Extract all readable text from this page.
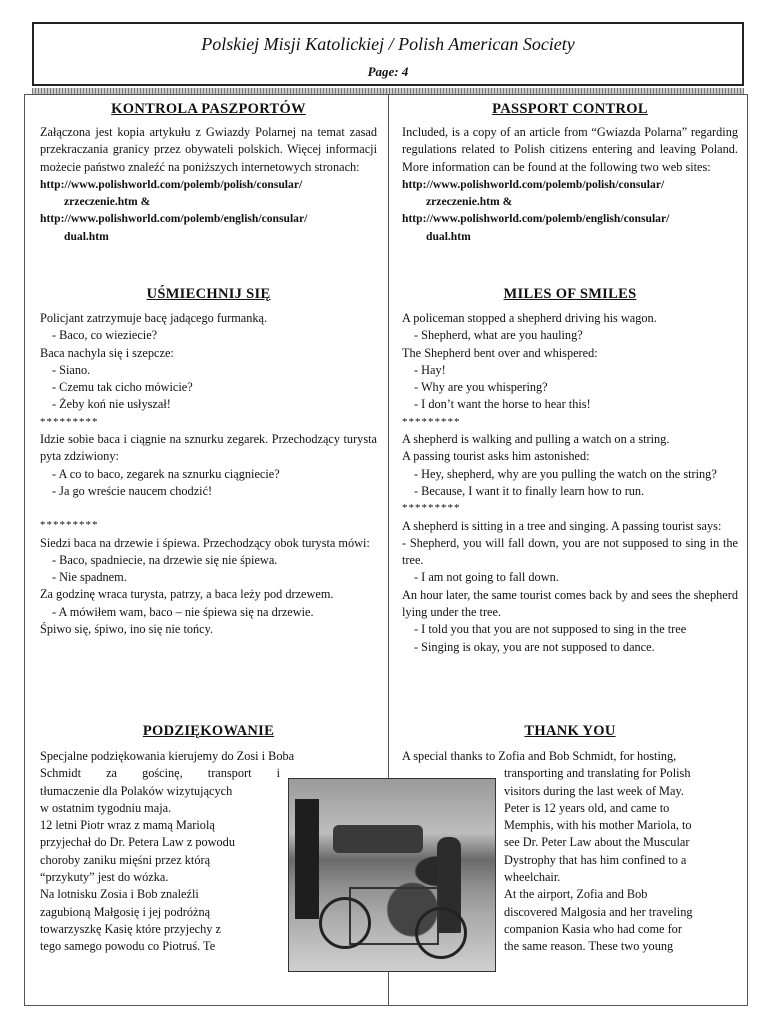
Polskiej Misji Katolickiej / Polish American Society
Page: 4

KONTROLA PASZPORTÓW

Załączona jest kopia artykułu z Gwiazdy Polarnej na temat zasad przekraczania granicy przez obywateli polskich. Więcej informacji możecie państwo znaleźć na poniższych internetowych stronach:

http://www.polishworld.com/polemb/polish/consular/

zrzeczenie.htm &

http://www.polishworld.com/polemb/english/consular/

dual.htm

PASSPORT CONTROL

Included, is a copy of an article from “Gwiazda Polarna” regarding regulations related to Polish citizens entering and leaving Poland. More information can be found at the following two web sites:

http://www.polishworld.com/polemb/polish/consular/

zrzeczenie.htm &

http://www.polishworld.com/polemb/english/consular/

dual.htm

UŚMIECHNIJ SIĘ

Policjant zatrzymuje bacę jadącego furmanką.

- Baco, co wieziecie?

Baca nachyla się i szepcze:

- Siano.

- Czemu tak cicho mówicie?

- Żeby koń nie usłyszał!

*********

Idzie sobie baca i ciągnie na sznurku zegarek. Przechodzący turysta pyta zdziwiony:

- A co to baco, zegarek na sznurku ciągniecie?

- Ja go wreście naucem chodzić!

*********

Siedzi baca na drzewie i śpiewa. Przechodzący obok turysta mówi:

- Baco, spadniecie, na drzewie się nie śpiewa.

- Nie spadnem.

Za godzinę wraca turysta, patrzy, a baca leży pod drzewem.

- A mówiłem wam, baco – nie śpiewa się na drzewie.

Śpiwo się, śpiwo, ino się nie tońcy.

MILES OF SMILES

A policeman stopped a shepherd driving his wagon.

- Shepherd, what are you hauling?

The Shepherd bent over and whispered:

- Hay!

- Why are you whispering?

- I don’t want the horse to hear this!

*********

A shepherd is walking and pulling a watch on a string.

A passing tourist asks him astonished:

- Hey, shepherd, why are you pulling the watch on the string?

- Because, I want it to finally learn how to run.

*********

A shepherd is sitting in a tree and singing. A passing tourist says:

- Shepherd, you will fall down, you are not supposed to sing in the tree.

- I am not going to fall down.

An hour later, the same tourist comes back by and sees the shepherd lying under the tree.

- I told you that you are not supposed to sing in the tree

- Singing is okay, you are not supposed to dance.

PODZIĘKOWANIE

Specjalne podziękowania kierujemy do Zosi i Boba

Schmidt za gościnę, transport i

tłumaczenie dla Polaków wizytujących

w ostatnim tygodniu maja.

12 letni Piotr wraz z mamą Mariolą

przyjechał do Dr. Petera Law z powodu

choroby zaniku mięśni przez którą

“przykuty” jest do wózka.

Na lotnisku Zosia i Bob znaleźli

zagubioną Małgosię i jej podróżną

towarzyszkę Kasię które przyjechy z

tego samego powodu co Piotruś. Te

THANK YOU

A special thanks to Zofia and Bob Schmidt, for hosting,

transporting and translating for Polish

visitors during the last week of May.

Peter is 12 years old, and came to

Memphis, with his mother Mariola, to

see Dr. Peter Law about the Muscular

Dystrophy that has him confined to a

wheelchair.

At the airport, Zofia and Bob

discovered Malgosia and her traveling

companion Kasia who had come for

the same reason. These two young
